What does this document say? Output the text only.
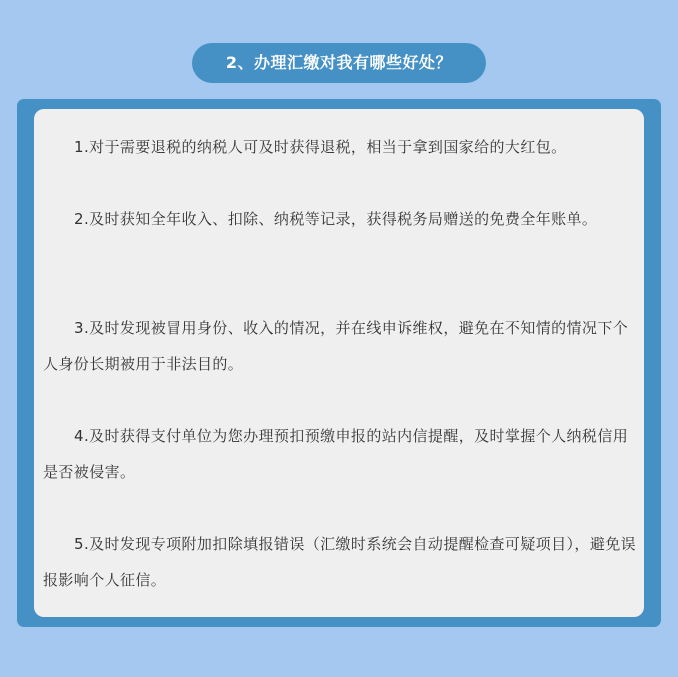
2、办理汇缴对我有哪些好处？

1.对于需要退税的纳税人可及时获得退税，相当于拿到国家给的大红包。

2.及时获知全年收入、扣除、纳税等记录，获得税务局赠送的免费全年账单。

3.及时发现被冒用身份、收入的情况，并在线申诉维权，避免在不知情的情况下个人身份长期被用于非法目的。

4.及时获得支付单位为您办理预扣预缴申报的站内信提醒，及时掌握个人纳税信用是否被侵害。

5.及时发现专项附加扣除填报错误（汇缴时系统会自动提醒检查可疑项目），避免误报影响个人征信。
